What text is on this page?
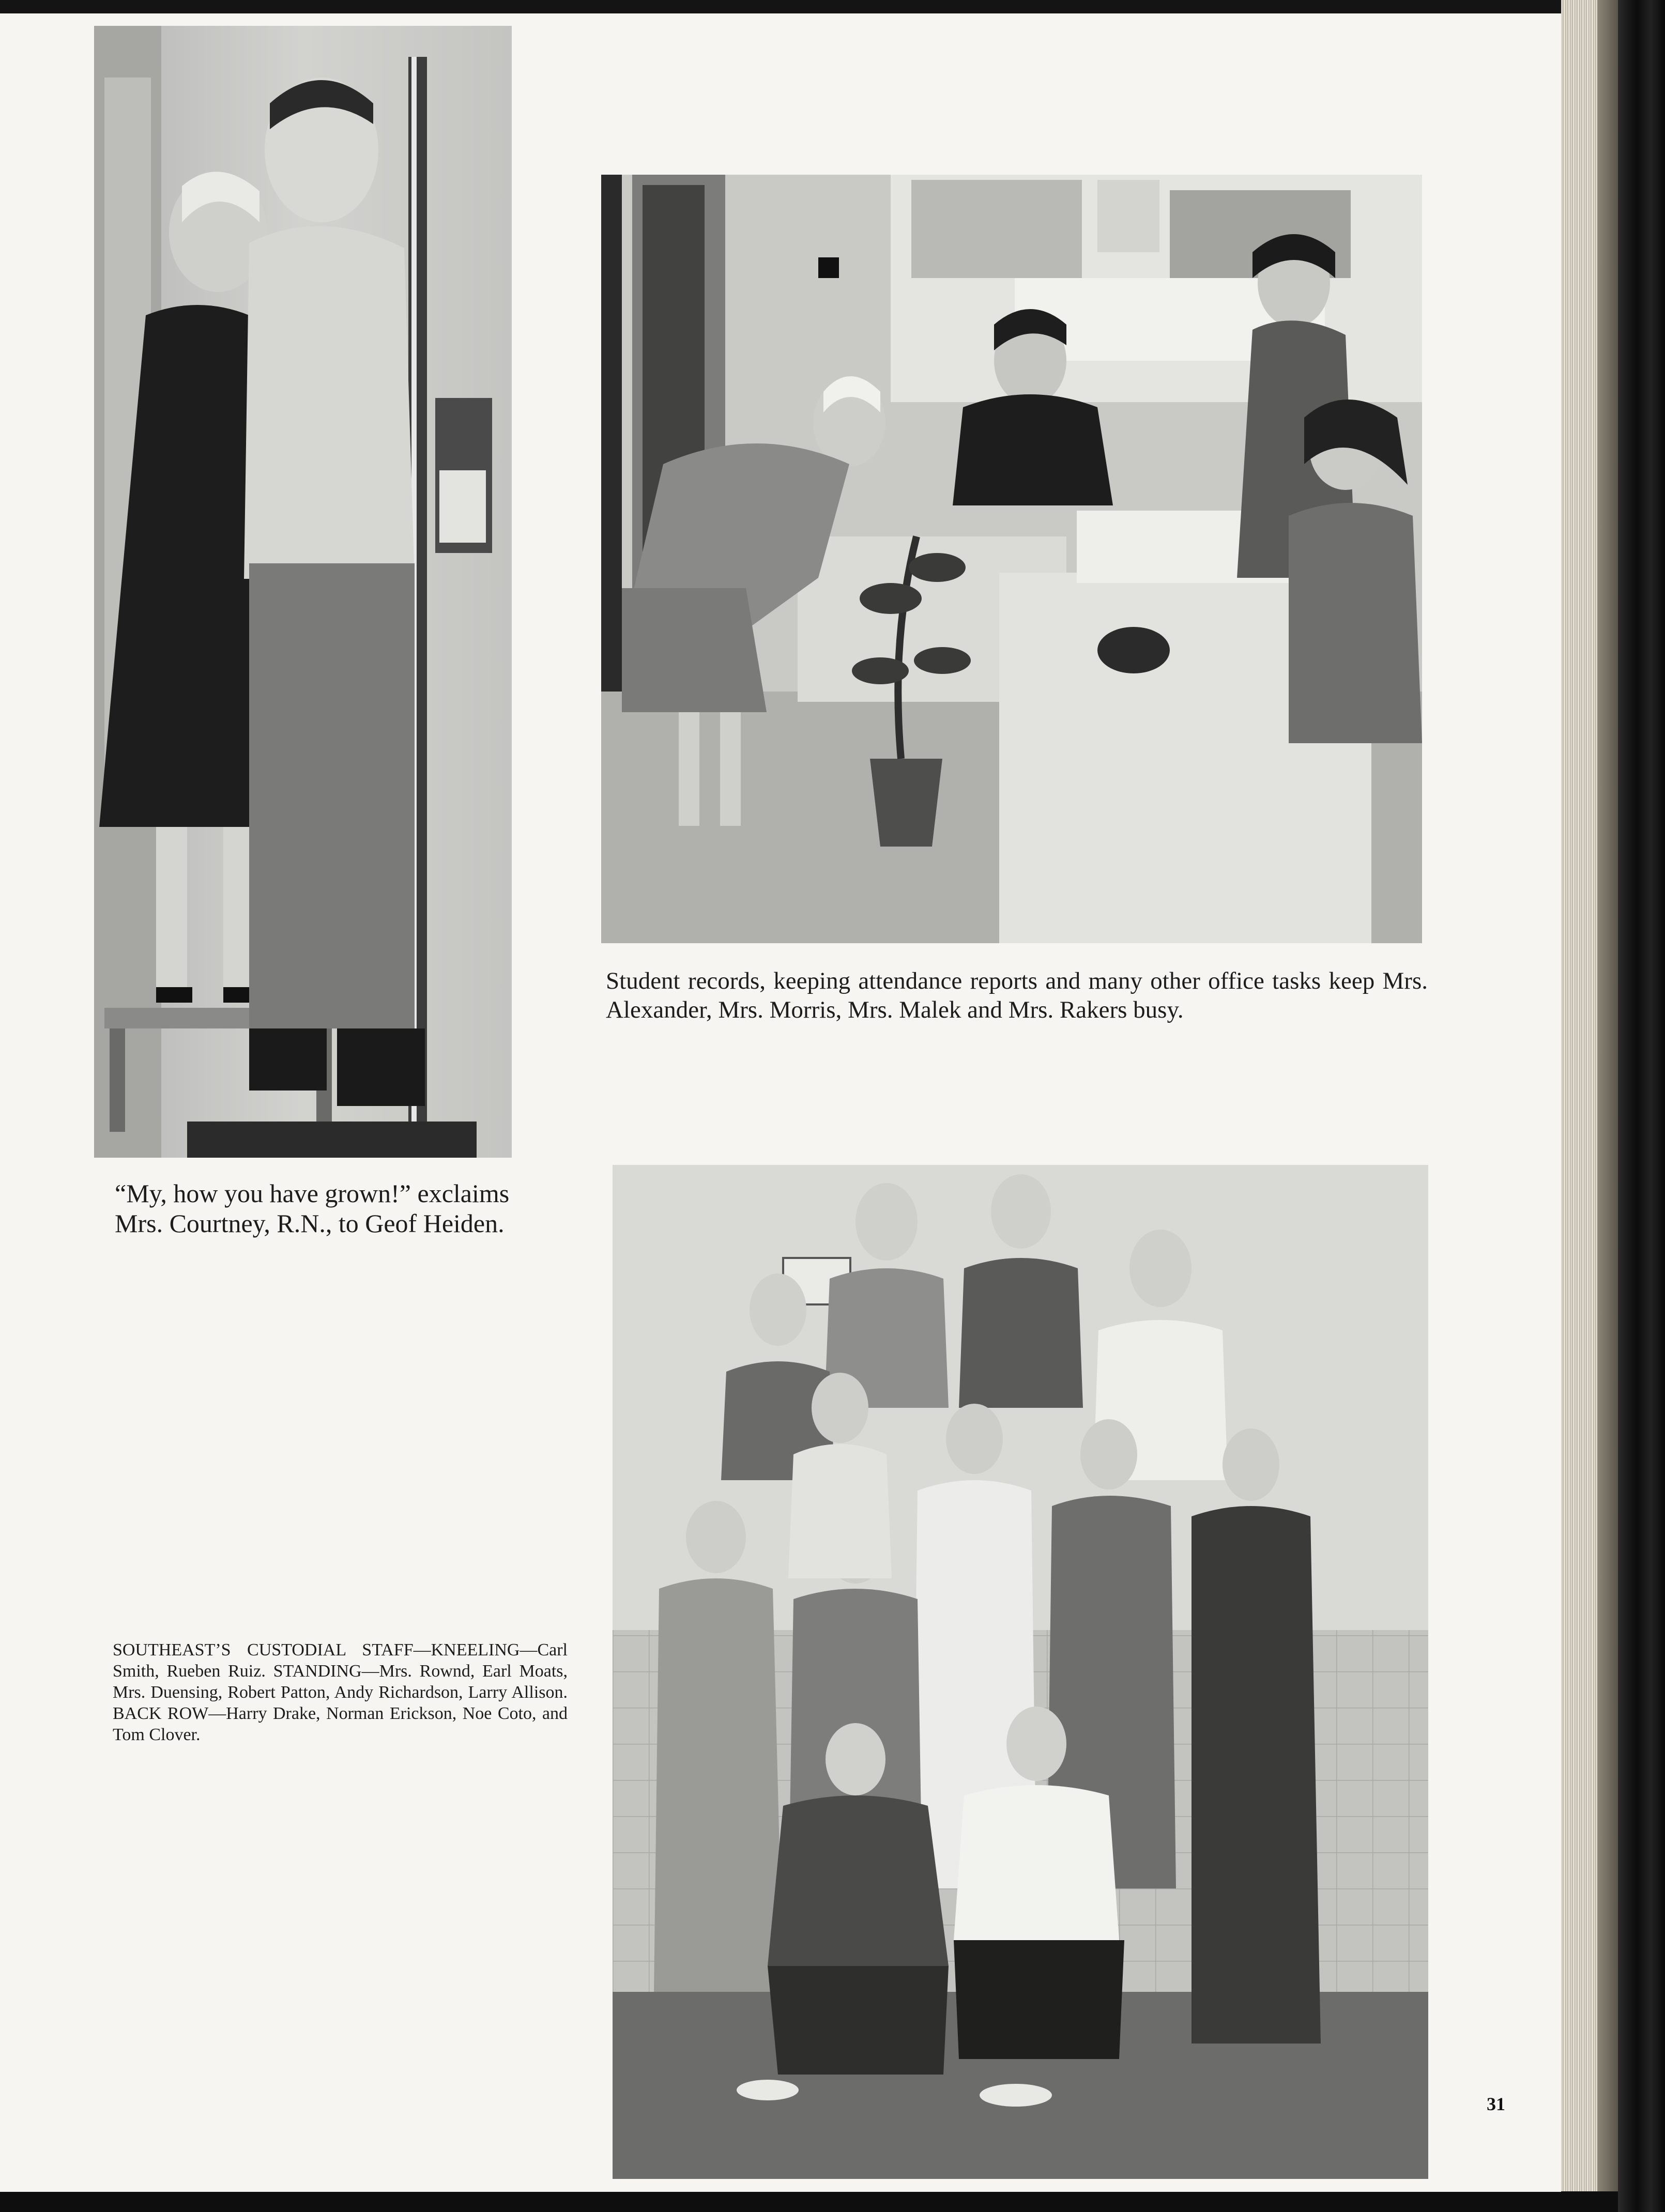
Student records, keeping attendance reports and many other office tasks keep Mrs. Alexander, Mrs. Morris, Mrs. Malek and Mrs. Rakers busy.

“My, how you have grown!” exclaims Mrs. Courtney, R.N., to Geof Heiden.

SOUTHEAST’S CUSTODIAL STAFF—KNEELING—Carl Smith, Rueben Ruiz. STANDING—Mrs. Rownd, Earl Moats, Mrs. Duensing, Robert Patton, Andy Richardson, Larry Allison. BACK ROW—Harry Drake, Norman Erickson, Noe Coto, and Tom Clover.

31
